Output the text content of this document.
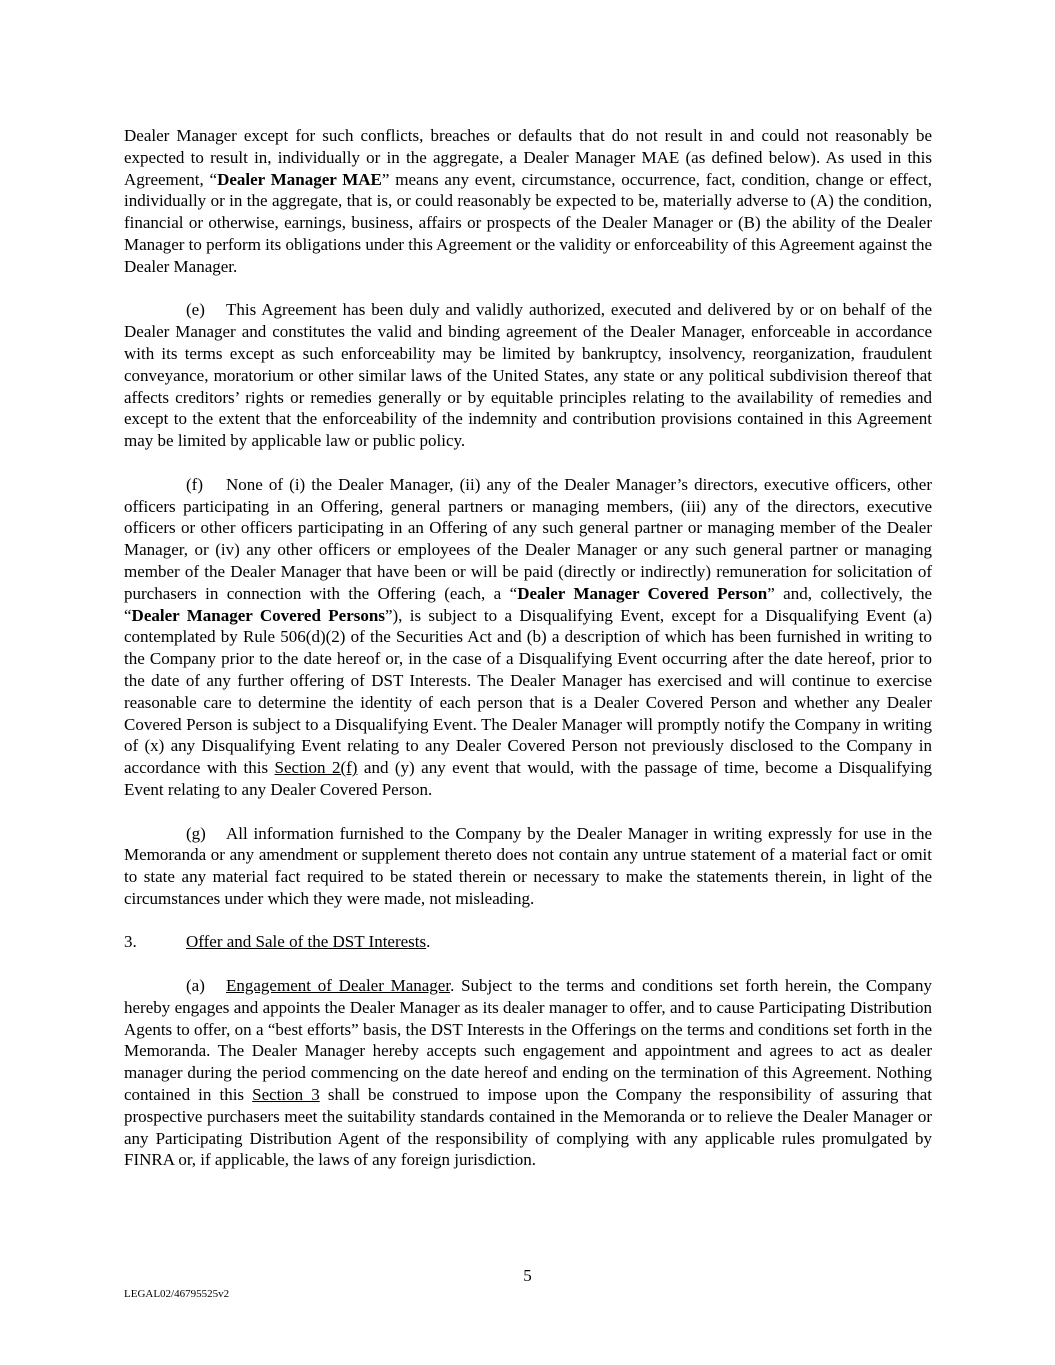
Dealer Manager except for such conflicts, breaches or defaults that do not result in and could not reasonably be expected to result in, individually or in the aggregate, a Dealer Manager MAE (as defined below). As used in this Agreement, “Dealer Manager MAE” means any event, circumstance, occurrence, fact, condition, change or effect, individually or in the aggregate, that is, or could reasonably be expected to be, materially adverse to (A) the condition, financial or otherwise, earnings, business, affairs or prospects of the Dealer Manager or (B) the ability of the Dealer Manager to perform its obligations under this Agreement or the validity or enforceability of this Agreement against the Dealer Manager.

(e) This Agreement has been duly and validly authorized, executed and delivered by or on behalf of the Dealer Manager and constitutes the valid and binding agreement of the Dealer Manager, enforceable in accordance with its terms except as such enforceability may be limited by bankruptcy, insolvency, reorganization, fraudulent conveyance, moratorium or other similar laws of the United States, any state or any political subdivision thereof that affects creditors’ rights or remedies generally or by equitable principles relating to the availability of remedies and except to the extent that the enforceability of the indemnity and contribution provisions contained in this Agreement may be limited by applicable law or public policy.

(f) None of (i) the Dealer Manager, (ii) any of the Dealer Manager’s directors, executive officers, other officers participating in an Offering, general partners or managing members, (iii) any of the directors, executive officers or other officers participating in an Offering of any such general partner or managing member of the Dealer Manager, or (iv) any other officers or employees of the Dealer Manager or any such general partner or managing member of the Dealer Manager that have been or will be paid (directly or indirectly) remuneration for solicitation of purchasers in connection with the Offering (each, a “Dealer Manager Covered Person” and, collectively, the “Dealer Manager Covered Persons”), is subject to a Disqualifying Event, except for a Disqualifying Event (a) contemplated by Rule 506(d)(2) of the Securities Act and (b) a description of which has been furnished in writing to the Company prior to the date hereof or, in the case of a Disqualifying Event occurring after the date hereof, prior to the date of any further offering of DST Interests. The Dealer Manager has exercised and will continue to exercise reasonable care to determine the identity of each person that is a Dealer Covered Person and whether any Dealer Covered Person is subject to a Disqualifying Event. The Dealer Manager will promptly notify the Company in writing of (x) any Disqualifying Event relating to any Dealer Covered Person not previously disclosed to the Company in accordance with this Section 2(f) and (y) any event that would, with the passage of time, become a Disqualifying Event relating to any Dealer Covered Person.

(g) All information furnished to the Company by the Dealer Manager in writing expressly for use in the Memoranda or any amendment or supplement thereto does not contain any untrue statement of a material fact or omit to state any material fact required to be stated therein or necessary to make the statements therein, in light of the circumstances under which they were made, not misleading.

3.	Offer and Sale of the DST Interests.

(a) Engagement of Dealer Manager. Subject to the terms and conditions set forth herein, the Company hereby engages and appoints the Dealer Manager as its dealer manager to offer, and to cause Participating Distribution Agents to offer, on a “best efforts” basis, the DST Interests in the Offerings on the terms and conditions set forth in the Memoranda. The Dealer Manager hereby accepts such engagement and appointment and agrees to act as dealer manager during the period commencing on the date hereof and ending on the termination of this Agreement. Nothing contained in this Section 3 shall be construed to impose upon the Company the responsibility of assuring that prospective purchasers meet the suitability standards contained in the Memoranda or to relieve the Dealer Manager or any Participating Distribution Agent of the responsibility of complying with any applicable rules promulgated by FINRA or, if applicable, the laws of any foreign jurisdiction.

5
LEGAL02/46795525v2
